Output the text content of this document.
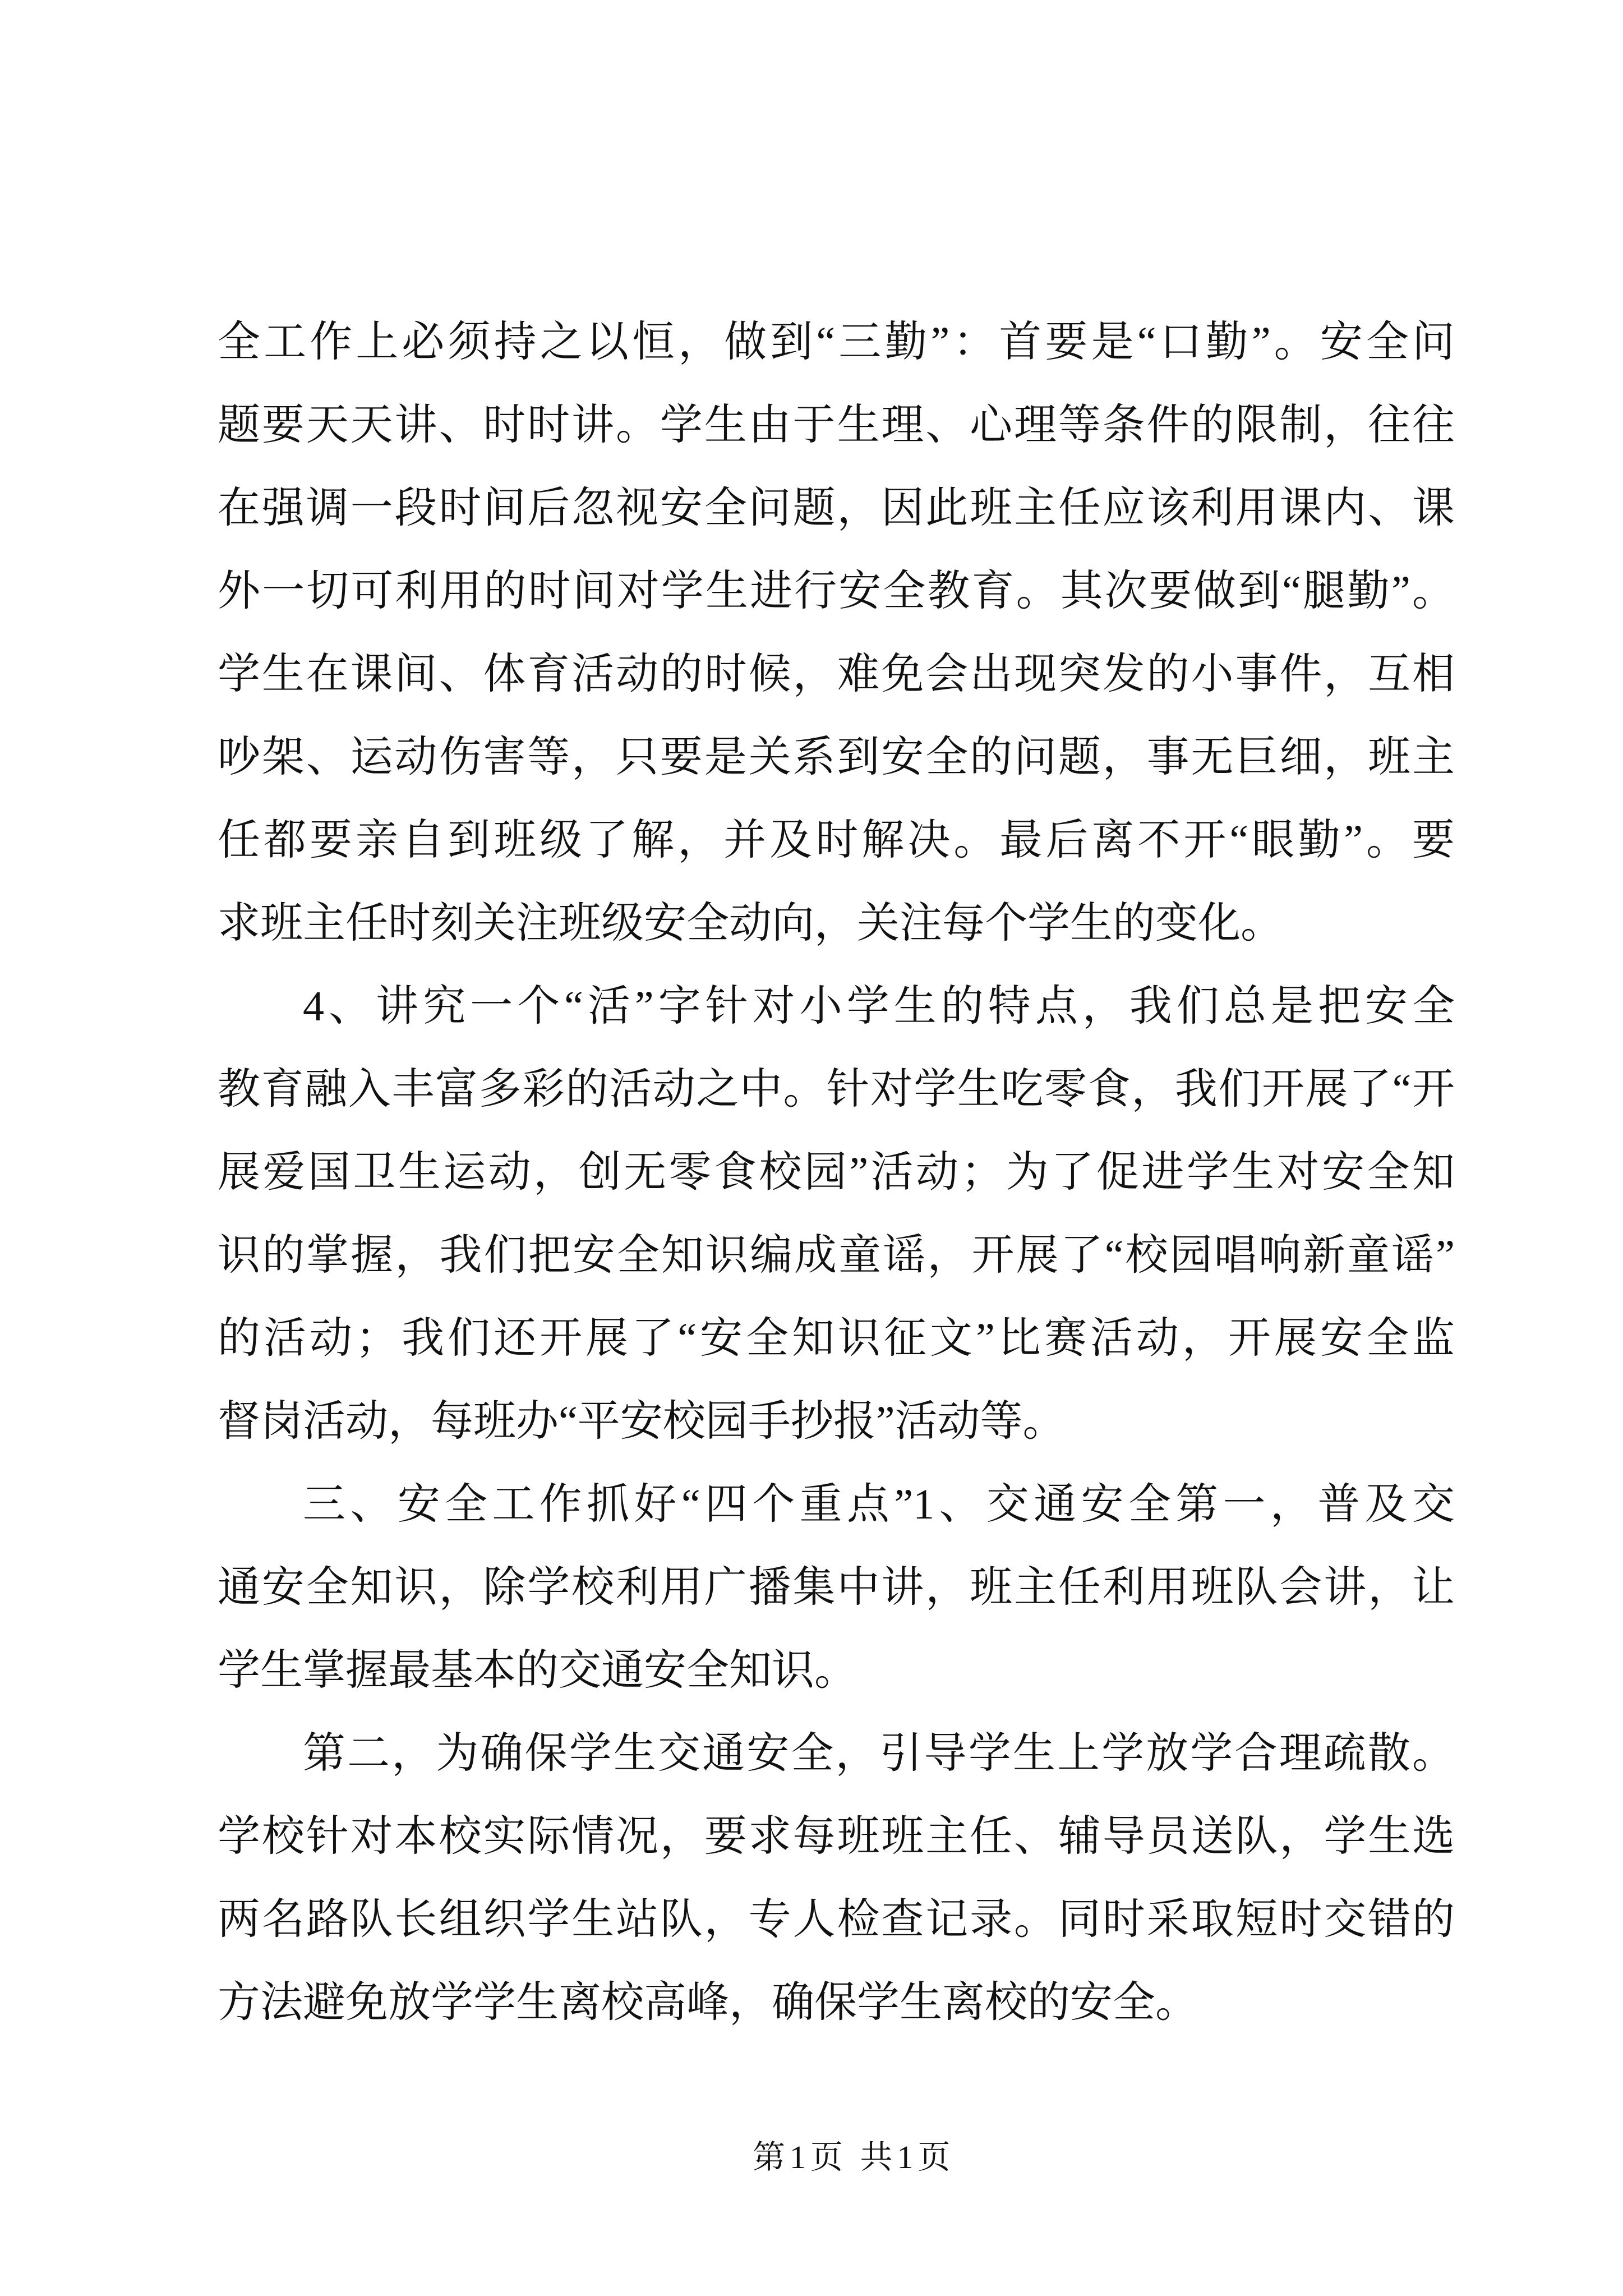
全工作上必须持之以恒，做到“三勤”：首要是“口勤”。安全问
题要天天讲、时时讲。学生由于生理、心理等条件的限制，往往
在强调一段时间后忽视安全问题，因此班主任应该利用课内、课
外一切可利用的时间对学生进行安全教育。其次要做到“腿勤”。
学生在课间、体育活动的时候，难免会出现突发的小事件，互相
吵架、运动伤害等，只要是关系到安全的问题，事无巨细，班主
任都要亲自到班级了解，并及时解决。最后离不开“眼勤”。要
求班主任时刻关注班级安全动向，关注每个学生的变化。
4、讲究一个“活”字针对小学生的特点，我们总是把安全
教育融入丰富多彩的活动之中。针对学生吃零食，我们开展了“开
展爱国卫生运动，创无零食校园”活动；为了促进学生对安全知
识的掌握，我们把安全知识编成童谣，开展了“校园唱响新童谣”
的活动；我们还开展了“安全知识征文”比赛活动，开展安全监
督岗活动，每班办“平安校园手抄报”活动等。
三、安全工作抓好“四个重点”1、交通安全第一，普及交
通安全知识，除学校利用广播集中讲，班主任利用班队会讲，让
学生掌握最基本的交通安全知识。
第二，为确保学生交通安全，引导学生上学放学合理疏散。
学校针对本校实际情况，要求每班班主任、辅导员送队，学生选
两名路队长组织学生站队，专人检查记录。同时采取短时交错的
方法避免放学学生离校高峰，确保学生离校的安全。
第1页 共1页
